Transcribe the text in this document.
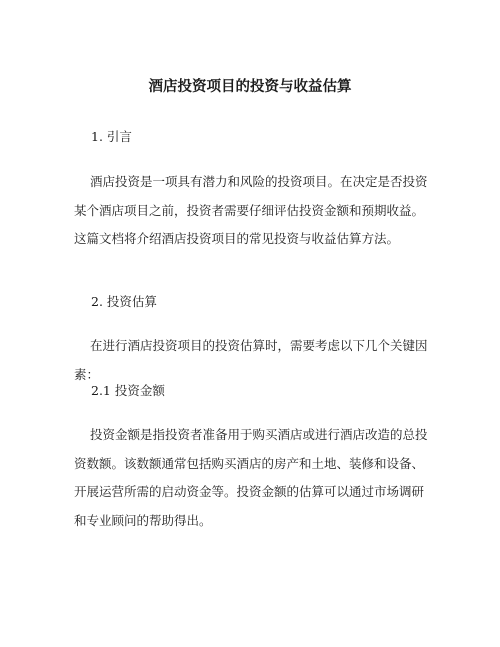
酒店投资项目的投资与收益估算
1. 引言

酒店投资是一项具有潜力和风险的投资项目。在决定是否投资某个酒店项目之前，投资者需要仔细评估投资金额和预期收益。这篇文档将介绍酒店投资项目的常见投资与收益估算方法。

2. 投资估算

在进行酒店投资项目的投资估算时，需要考虑以下几个关键因素：

2.1 投资金额

投资金额是指投资者准备用于购买酒店或进行酒店改造的总投资数额。该数额通常包括购买酒店的房产和土地、装修和设备、开展运营所需的启动资金等。投资金额的估算可以通过市场调研和专业顾问的帮助得出。
